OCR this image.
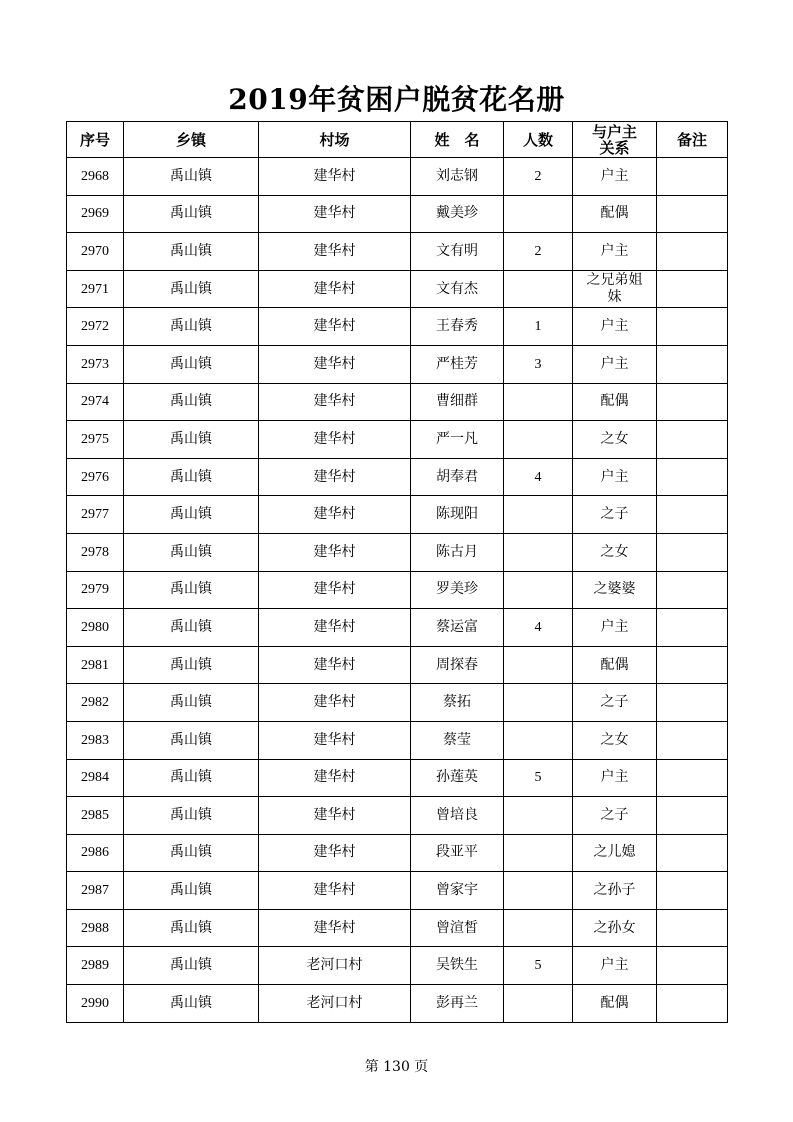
2019年贫困户脱贫花名册
序号	乡镇	村场	姓　名	人数	与户主关系	备注
2968	禹山镇	建华村	刘志钢	2	户主	
2969	禹山镇	建华村	戴美珍		配偶	
2970	禹山镇	建华村	文有明	2	户主	
2971	禹山镇	建华村	文有杰		之兄弟姐妹	
2972	禹山镇	建华村	王春秀	1	户主	
2973	禹山镇	建华村	严桂芳	3	户主	
2974	禹山镇	建华村	曹细群		配偶	
2975	禹山镇	建华村	严一凡		之女	
2976	禹山镇	建华村	胡奉君	4	户主	
2977	禹山镇	建华村	陈现阳		之子	
2978	禹山镇	建华村	陈古月		之女	
2979	禹山镇	建华村	罗美珍		之婆婆	
2980	禹山镇	建华村	蔡运富	4	户主	
2981	禹山镇	建华村	周探春		配偶	
2982	禹山镇	建华村	蔡拓		之子	
2983	禹山镇	建华村	蔡莹		之女	
2984	禹山镇	建华村	孙莲英	5	户主	
2985	禹山镇	建华村	曾培良		之子	
2986	禹山镇	建华村	段亚平		之儿媳	
2987	禹山镇	建华村	曾家宇		之孙子	
2988	禹山镇	建华村	曾渲皙		之孙女	
2989	禹山镇	老河口村	吴铁生	5	户主	
2990	禹山镇	老河口村	彭再兰		配偶	
第 130 页
